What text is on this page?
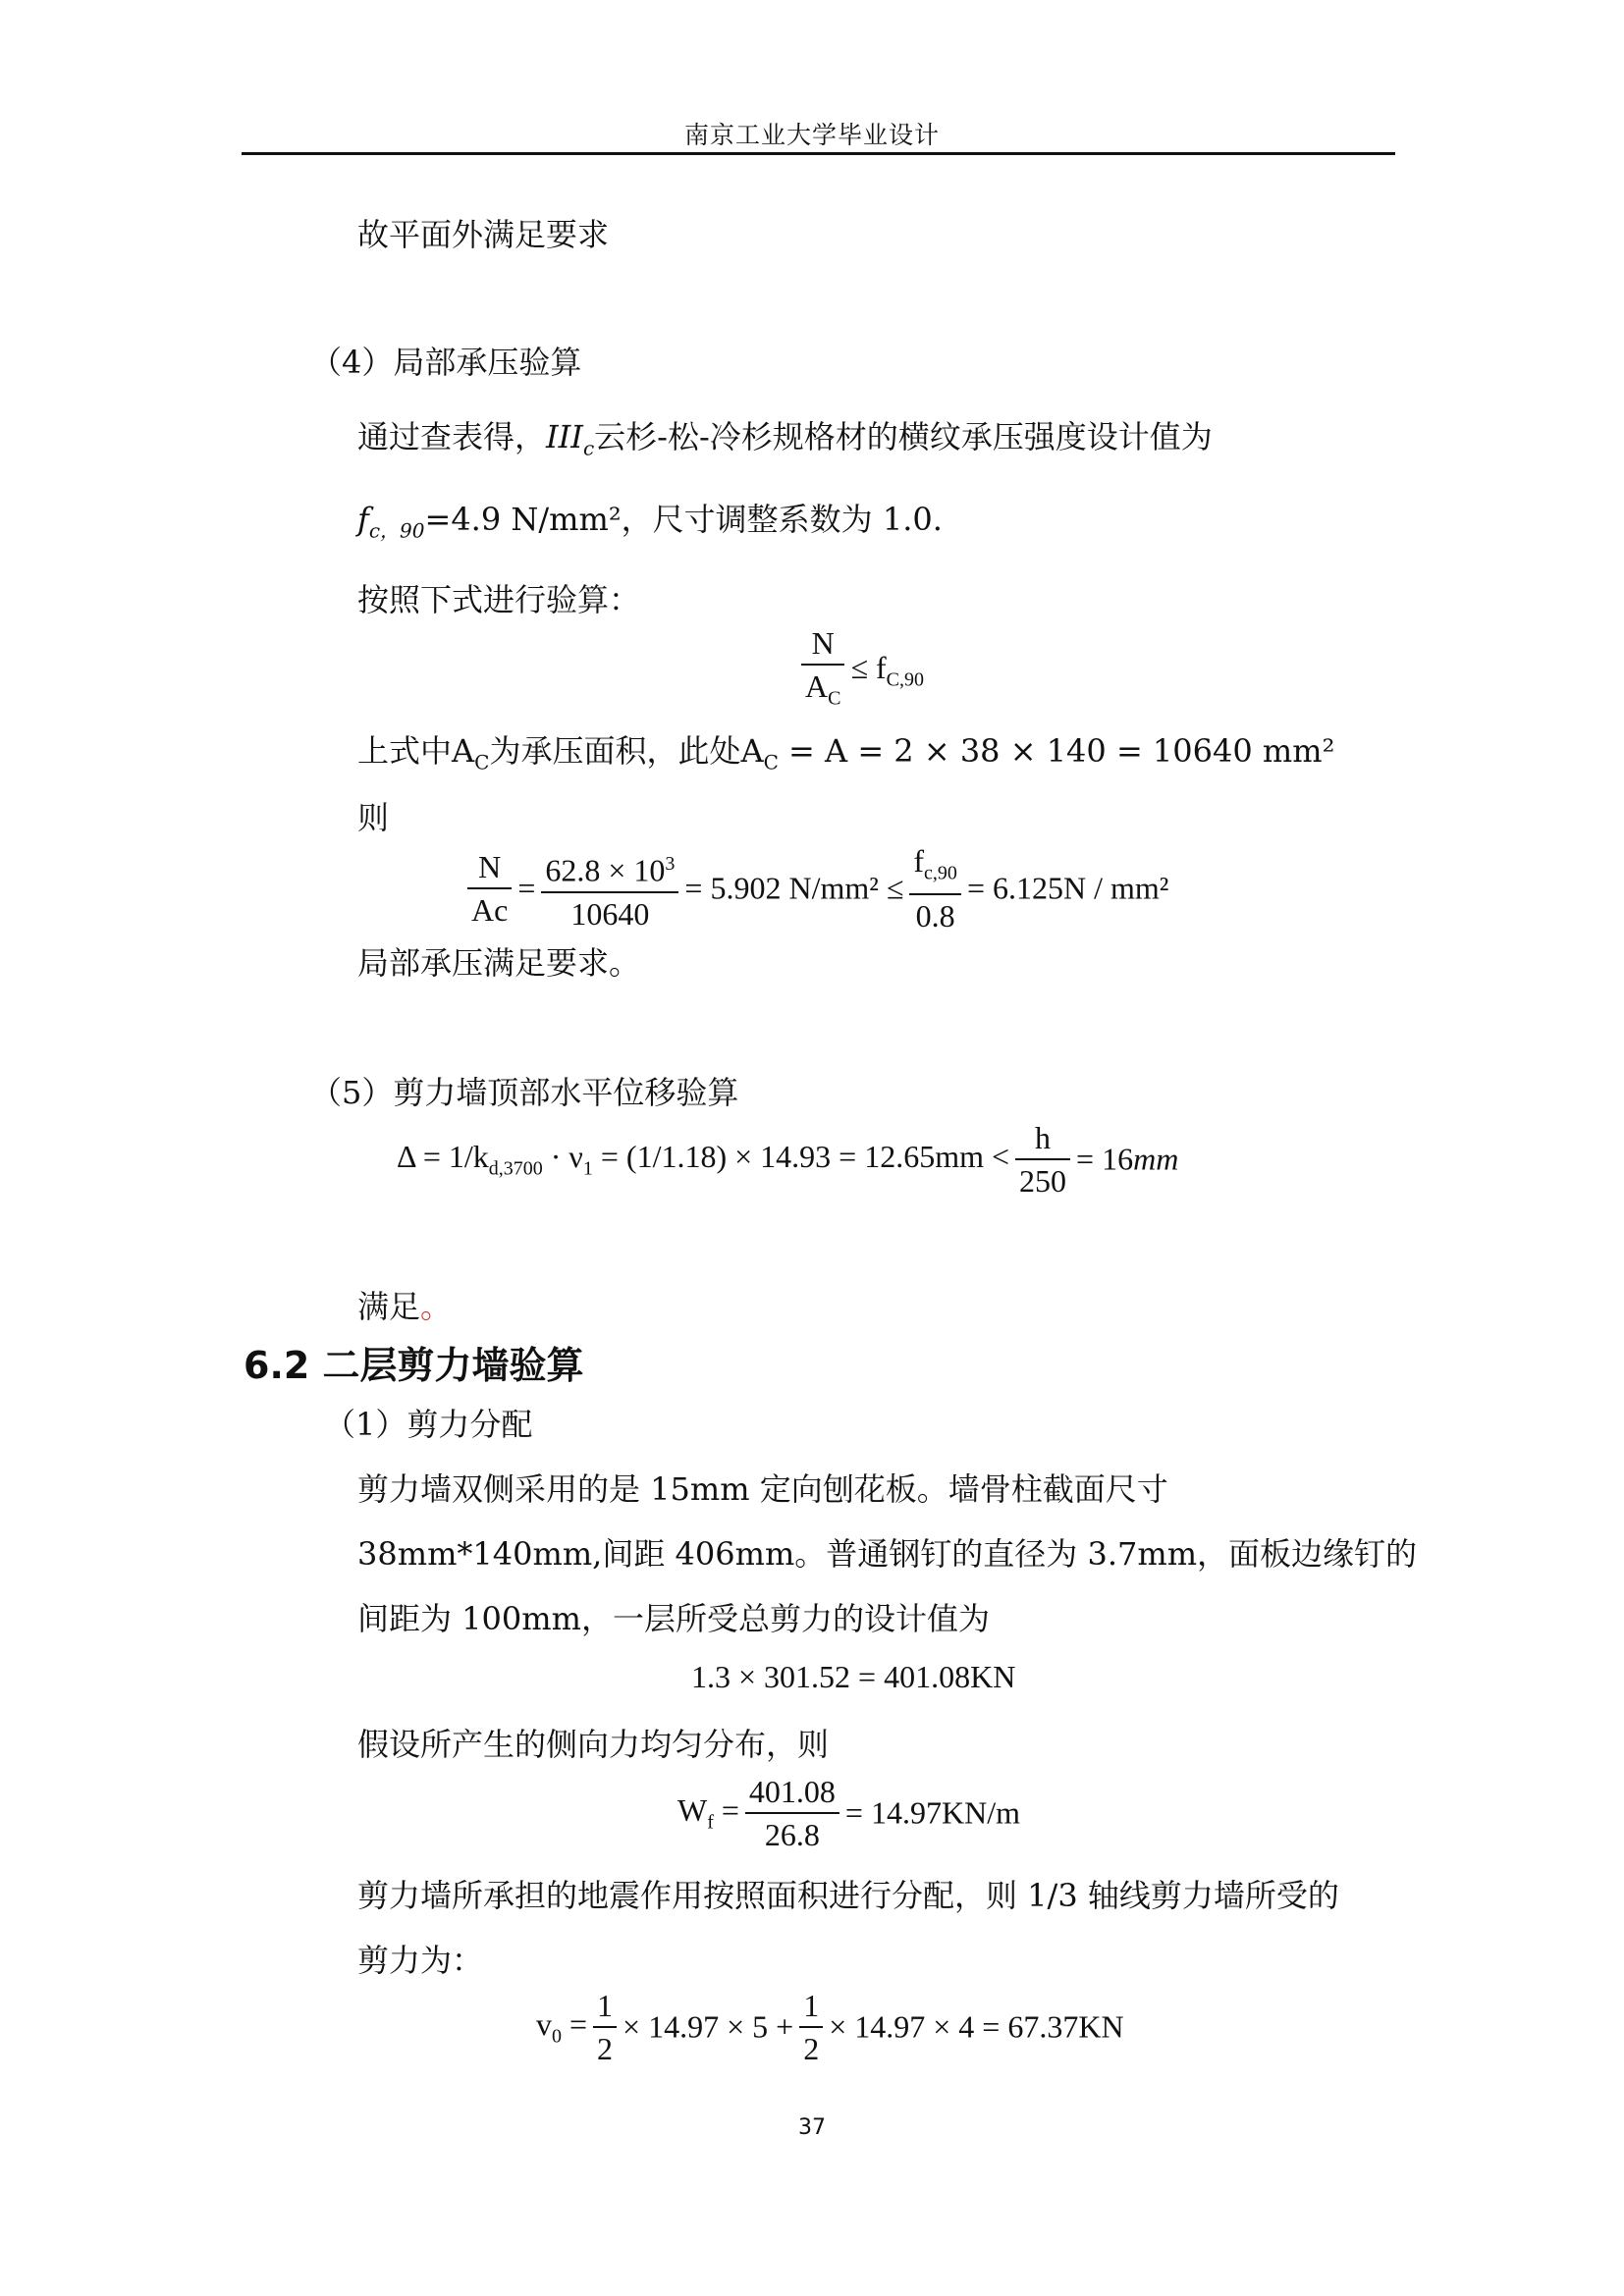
南京工业大学毕业设计
故平面外满足要求
（4）局部承压验算
通过查表得，$III_c$云杉-松-冷杉规格材的横纹承压强度设计值为
$f_{c,90}=4.9$ N/mm²，尺寸调整系数为 1.0.
按照下式进行验算：
$\frac{N}{A_C} \le f_{C,90}$
上式中$A_C$为承压面积，此处$A_C = A = 2 \times 38 \times 140 = 10640$ mm²
则
$\frac{N}{Ac} = \frac{62.8 \times 10^3}{10640} = 5.902$ $N/mm^2 \le \frac{f_{c,90}}{0.8} = 6.125N / mm^2$
局部承压满足要求。
（5）剪力墙顶部水平位移验算
$\Delta = 1/k_{d,3700} \cdot \nu_1 = (1/1.18) \times 14.93 = 12.65mm < \frac{h}{250} = 16mm$
满足。
6.2 二层剪力墙验算
（1）剪力分配
剪力墙双侧采用的是 15mm 定向刨花板。墙骨柱截面尺寸
38mm*140mm,间距 406mm。普通钢钉的直径为 3.7mm，面板边缘钉的
间距为 100mm，一层所受总剪力的设计值为
1.3 × 301.52 = 401.08KN
假设所产生的侧向力均匀分布，则
$W_f = \frac{401.08}{26.8} = 14.97KN/m$
剪力墙所承担的地震作用按照面积进行分配，则 1/3 轴线剪力墙所受的
剪力为：
$v_0 = \frac{1}{2} \times 14.97 \times 5 + \frac{1}{2} \times 14.97 \times 4 = 67.37KN$
37
